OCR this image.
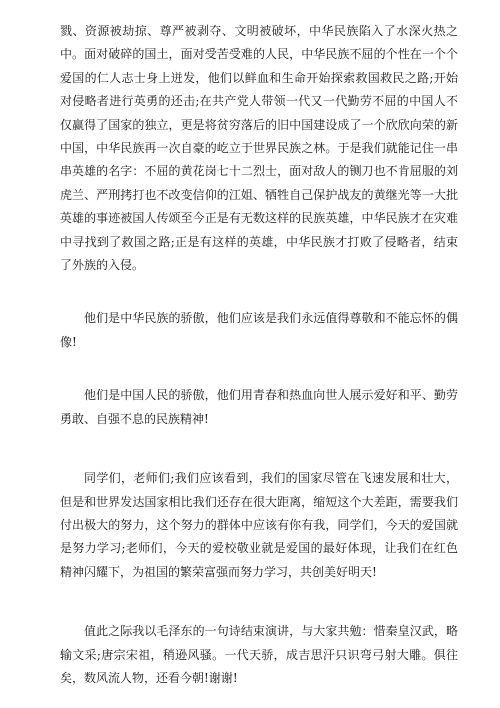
戮、资源被劫掠、尊严被剥夺、文明被破坏，中华民族陷入了水深火热之中。面对破碎的国土，面对受苦受难的人民，中华民族不屈的个性在一个个爱国的仁人志士身上迸发，他们以鲜血和生命开始探索救国救民之路;开始对侵略者进行英勇的还击;在共产党人带领一代又一代勤劳不屈的中国人不仅赢得了国家的独立，更是将贫穷落后的旧中国建设成了一个欣欣向荣的新中国，中华民族再一次自豪的屹立于世界民族之林。于是我们就能记住一串串英雄的名字：不屈的黄花岗七十二烈士，面对敌人的铡刀也不肯屈服的刘虎兰、严刑拷打也不改变信仰的江姐、牺牲自己保护战友的黄继光等一大批英雄的事迹被国人传颂至今正是有无数这样的民族英雄，中华民族才在灾难中寻找到了救国之路;正是有这样的英雄，中华民族才打败了侵略者，结束了外族的入侵。

他们是中华民族的骄傲，他们应该是我们永远值得尊敬和不能忘怀的偶像!

他们是中国人民的骄傲，他们用青春和热血向世人展示爱好和平、勤劳勇敢、自强不息的民族精神!

同学们，老师们;我们应该看到，我们的国家尽管在飞速发展和壮大，但是和世界发达国家相比我们还存在很大距离，缩短这个大差距，需要我们付出极大的努力，这个努力的群体中应该有你有我，同学们，今天的爱国就是努力学习;老师们，今天的爱校敬业就是爱国的最好体现，让我们在红色精神闪耀下，为祖国的繁荣富强而努力学习，共创美好明天!

值此之际我以毛泽东的一句诗结束演讲，与大家共勉：惜秦皇汉武，略输文采;唐宗宋祖，稍逊风骚。一代天骄，成吉思汗只识弯弓射大雕。俱往矣，数风流人物，还看今朝!谢谢!
